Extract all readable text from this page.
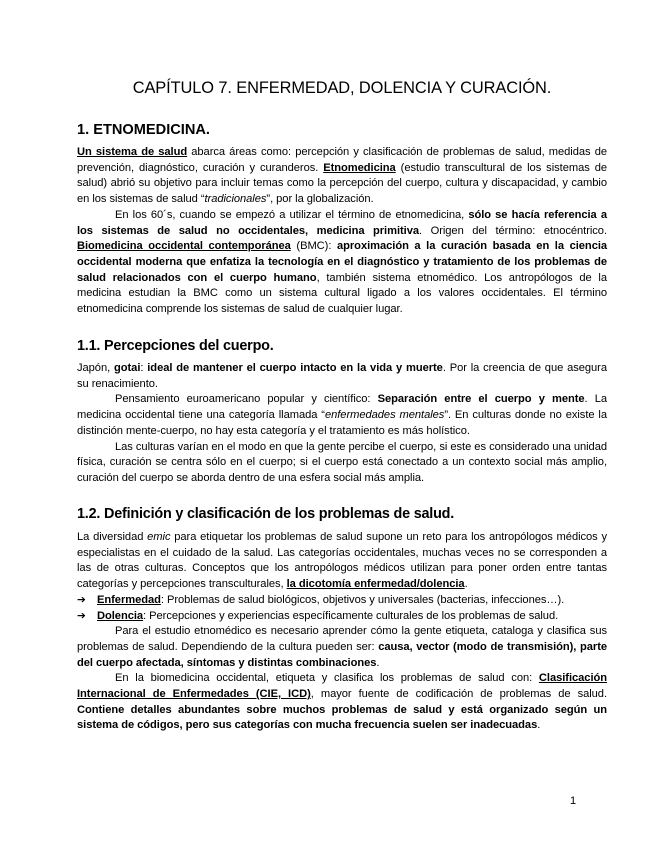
CAPÍTULO 7. ENFERMEDAD, DOLENCIA Y CURACIÓN.
1. ETNOMEDICINA.

Un sistema de salud abarca áreas como: percepción y clasificación de problemas de salud, medidas de prevención, diagnóstico, curación y curanderos. Etnomedicina (estudio transcultural de los sistemas de salud) abrió su objetivo para incluir temas como la percepción del cuerpo, cultura y discapacidad, y cambio en los sistemas de salud “tradicionales”, por la globalización.

En los 60´s, cuando se empezó a utilizar el término de etnomedicina, sólo se hacía referencia a los sistemas de salud no occidentales, medicina primitiva. Origen del término: etnocéntrico. Biomedicina occidental contemporánea (BMC): aproximación a la curación basada en la ciencia occidental moderna que enfatiza la tecnología en el diagnóstico y tratamiento de los problemas de salud relacionados con el cuerpo humano, también sistema etnomédico. Los antropólogos de la medicina estudian la BMC como un sistema cultural ligado a los valores occidentales. El término etnomedicina comprende los sistemas de salud de cualquier lugar.

1.1. Percepciones del cuerpo.

Japón, gotai: ideal de mantener el cuerpo intacto en la vida y muerte. Por la creencia de que asegura su renacimiento.

Pensamiento euroamericano popular y científico: Separación entre el cuerpo y mente. La medicina occidental tiene una categoría llamada “enfermedades mentales”. En culturas donde no existe la distinción mente-cuerpo, no hay esta categoría y el tratamiento es más holístico.

Las culturas varían en el modo en que la gente percibe el cuerpo, si este es considerado una unidad física, curación se centra sólo en el cuerpo; si el cuerpo está conectado a un contexto social más amplio, curación del cuerpo se aborda dentro de una esfera social más amplia.

1.2. Definición y clasificación de los problemas de salud.

La diversidad emic para etiquetar los problemas de salud supone un reto para los antropólogos médicos y especialistas en el cuidado de la salud. Las categorías occidentales, muchas veces no se corresponden a las de otras culturas. Conceptos que los antropólogos médicos utilizan para poner orden entre tantas categorías y percepciones transculturales, la dicotomía enfermedad/dolencia.

➔	Enfermedad: Problemas de salud biológicos, objetivos y universales (bacterias, infecciones…).
➔	Dolencia: Percepciones y experiencias específicamente culturales de los problemas de salud.

Para el estudio etnomédico es necesario aprender cómo la gente etiqueta, cataloga y clasifica sus problemas de salud. Dependiendo de la cultura pueden ser: causa, vector (modo de transmisión), parte del cuerpo afectada, síntomas y distintas combinaciones.

En la biomedicina occidental, etiqueta y clasifica los problemas de salud con: Clasificación Internacional de Enfermedades (CIE, ICD), mayor fuente de codificación de problemas de salud. Contiene detalles abundantes sobre muchos problemas de salud y está organizado según un sistema de códigos, pero sus categorías con mucha frecuencia suelen ser inadecuadas.

1
